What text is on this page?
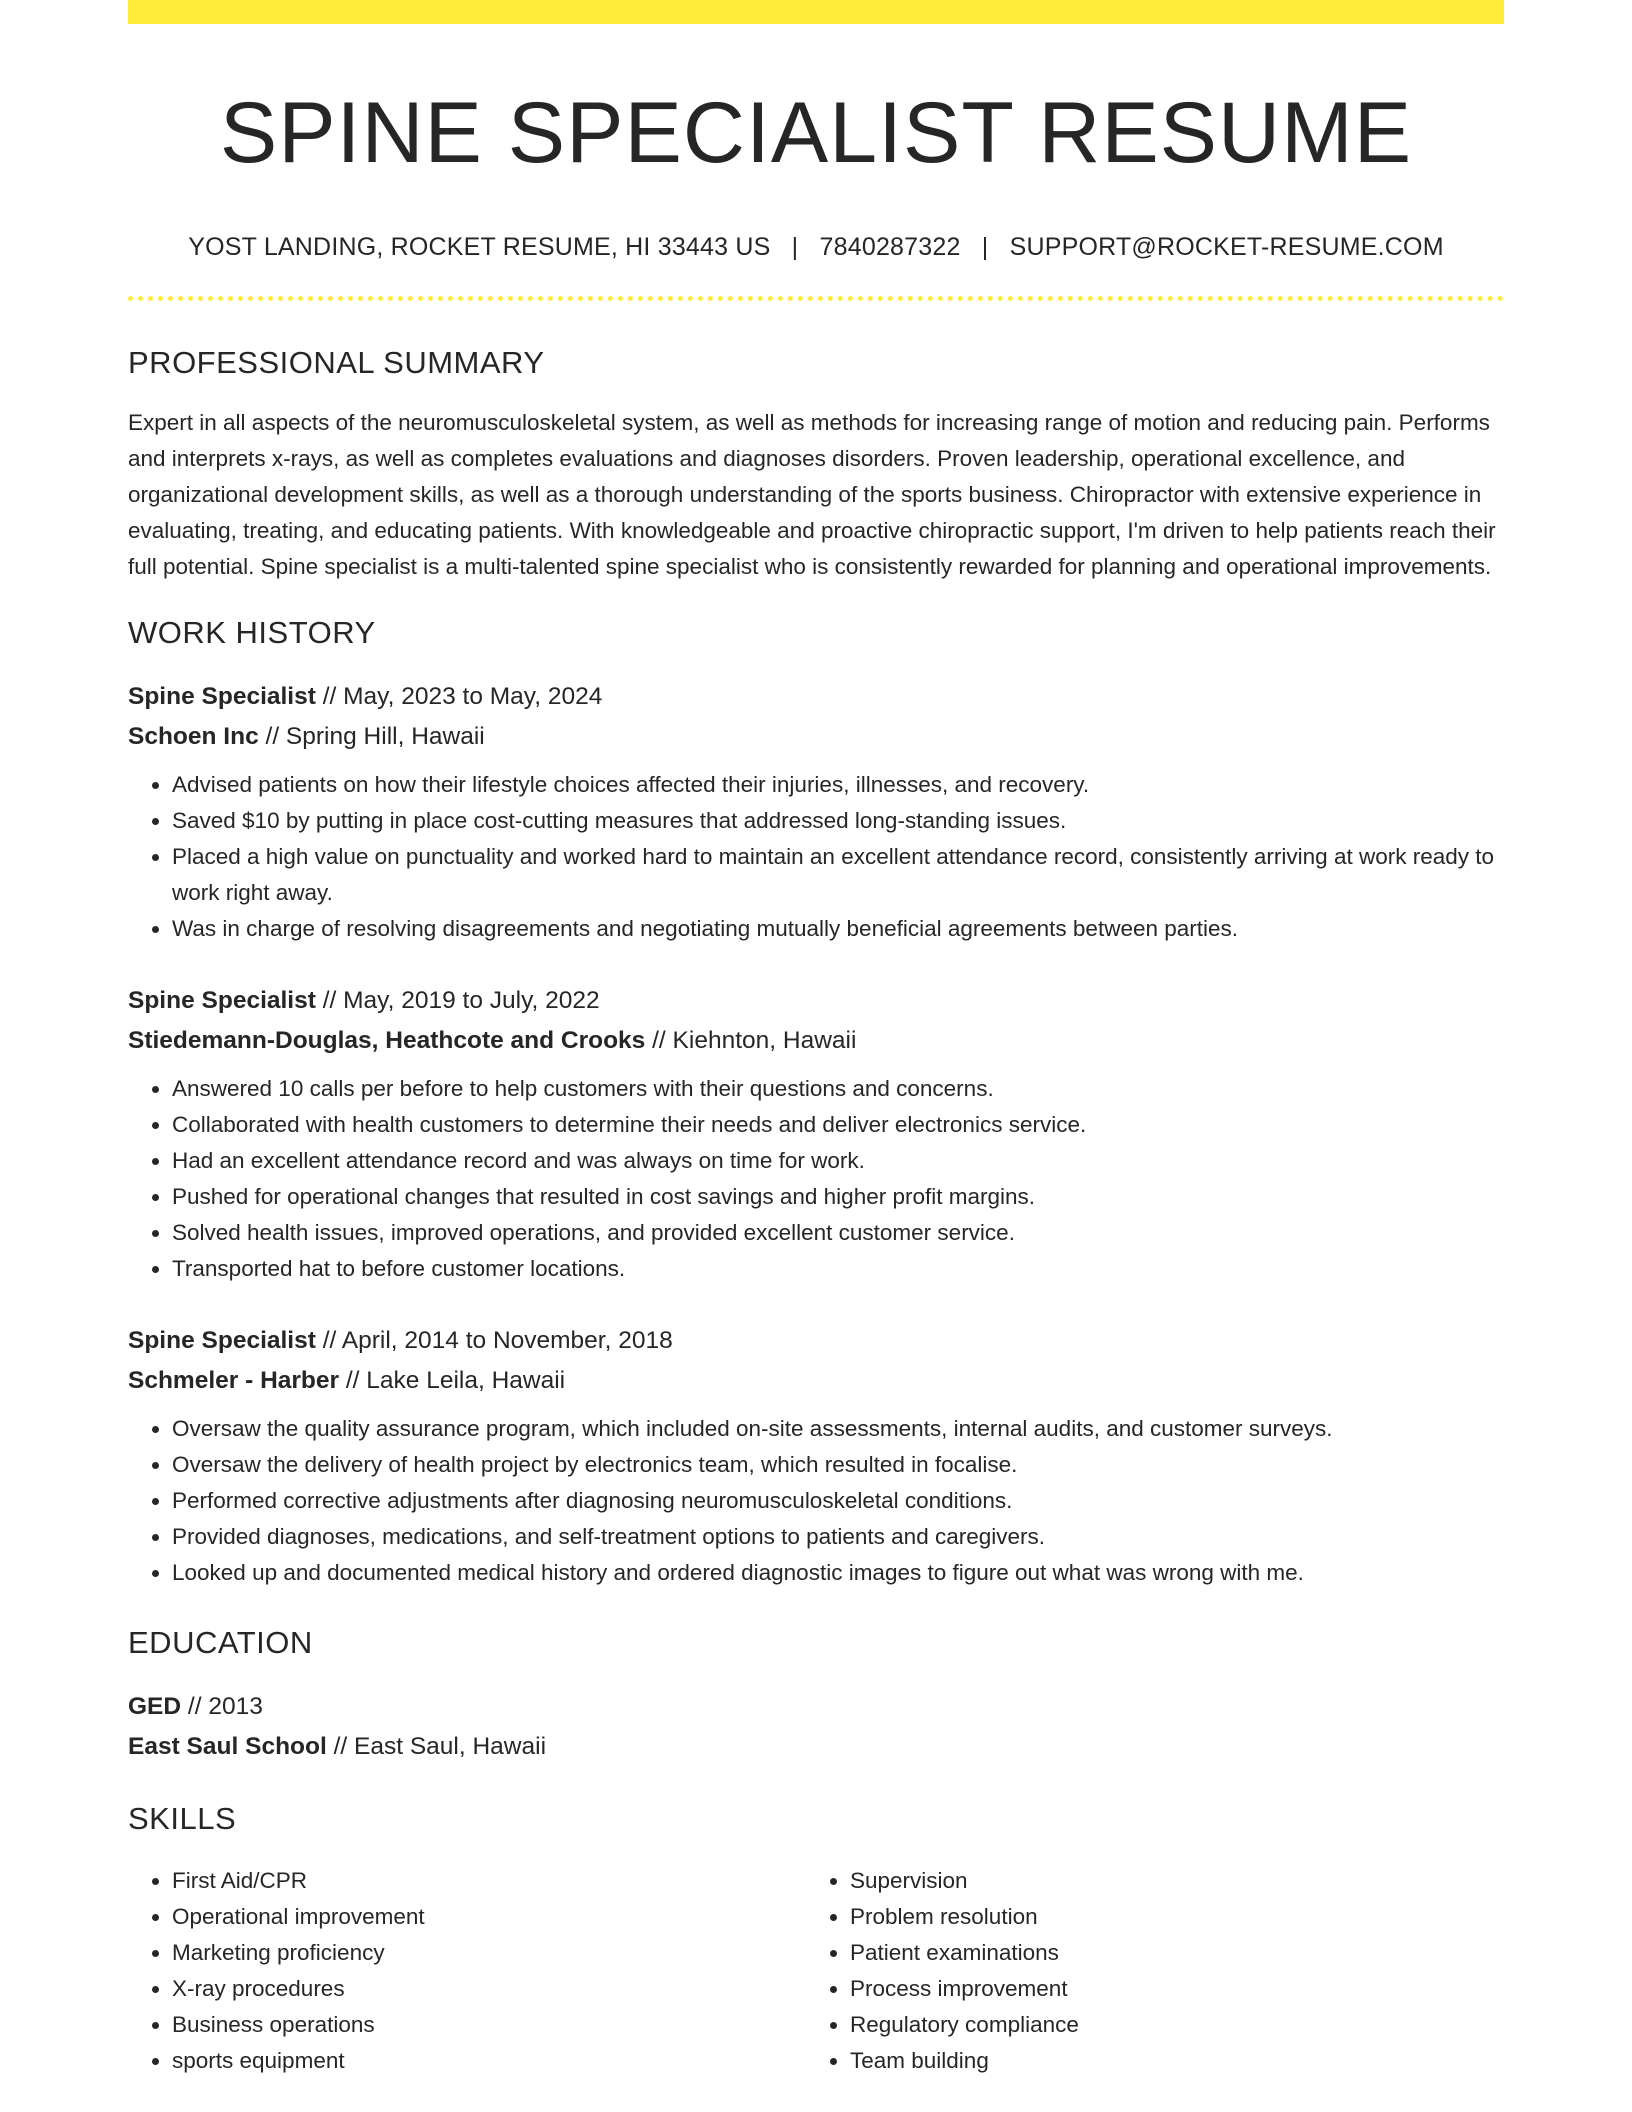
SPINE SPECIALIST RESUME
YOST LANDING, ROCKET RESUME, HI 33443 US | 7840287322 | SUPPORT@ROCKET-RESUME.COM
PROFESSIONAL SUMMARY
Expert in all aspects of the neuromusculoskeletal system, as well as methods for increasing range of motion and reducing pain. Performs and interprets x-rays, as well as completes evaluations and diagnoses disorders. Proven leadership, operational excellence, and organizational development skills, as well as a thorough understanding of the sports business. Chiropractor with extensive experience in evaluating, treating, and educating patients. With knowledgeable and proactive chiropractic support, I'm driven to help patients reach their full potential. Spine specialist is a multi-talented spine specialist who is consistently rewarded for planning and operational improvements.
WORK HISTORY
Spine Specialist // May, 2023 to May, 2024
Schoen Inc // Spring Hill, Hawaii
• Advised patients on how their lifestyle choices affected their injuries, illnesses, and recovery.
• Saved $10 by putting in place cost-cutting measures that addressed long-standing issues.
• Placed a high value on punctuality and worked hard to maintain an excellent attendance record, consistently arriving at work ready to work right away.
• Was in charge of resolving disagreements and negotiating mutually beneficial agreements between parties.
Spine Specialist // May, 2019 to July, 2022
Stiedemann-Douglas, Heathcote and Crooks // Kiehnton, Hawaii
• Answered 10 calls per before to help customers with their questions and concerns.
• Collaborated with health customers to determine their needs and deliver electronics service.
• Had an excellent attendance record and was always on time for work.
• Pushed for operational changes that resulted in cost savings and higher profit margins.
• Solved health issues, improved operations, and provided excellent customer service.
• Transported hat to before customer locations.
Spine Specialist // April, 2014 to November, 2018
Schmeler - Harber // Lake Leila, Hawaii
• Oversaw the quality assurance program, which included on-site assessments, internal audits, and customer surveys.
• Oversaw the delivery of health project by electronics team, which resulted in focalise.
• Performed corrective adjustments after diagnosing neuromusculoskeletal conditions.
• Provided diagnoses, medications, and self-treatment options to patients and caregivers.
• Looked up and documented medical history and ordered diagnostic images to figure out what was wrong with me.
EDUCATION
GED // 2013
East Saul School // East Saul, Hawaii
SKILLS
• First Aid/CPR
• Operational improvement
• Marketing proficiency
• X-ray procedures
• Business operations
• sports equipment
• Supervision
• Problem resolution
• Patient examinations
• Process improvement
• Regulatory compliance
• Team building
